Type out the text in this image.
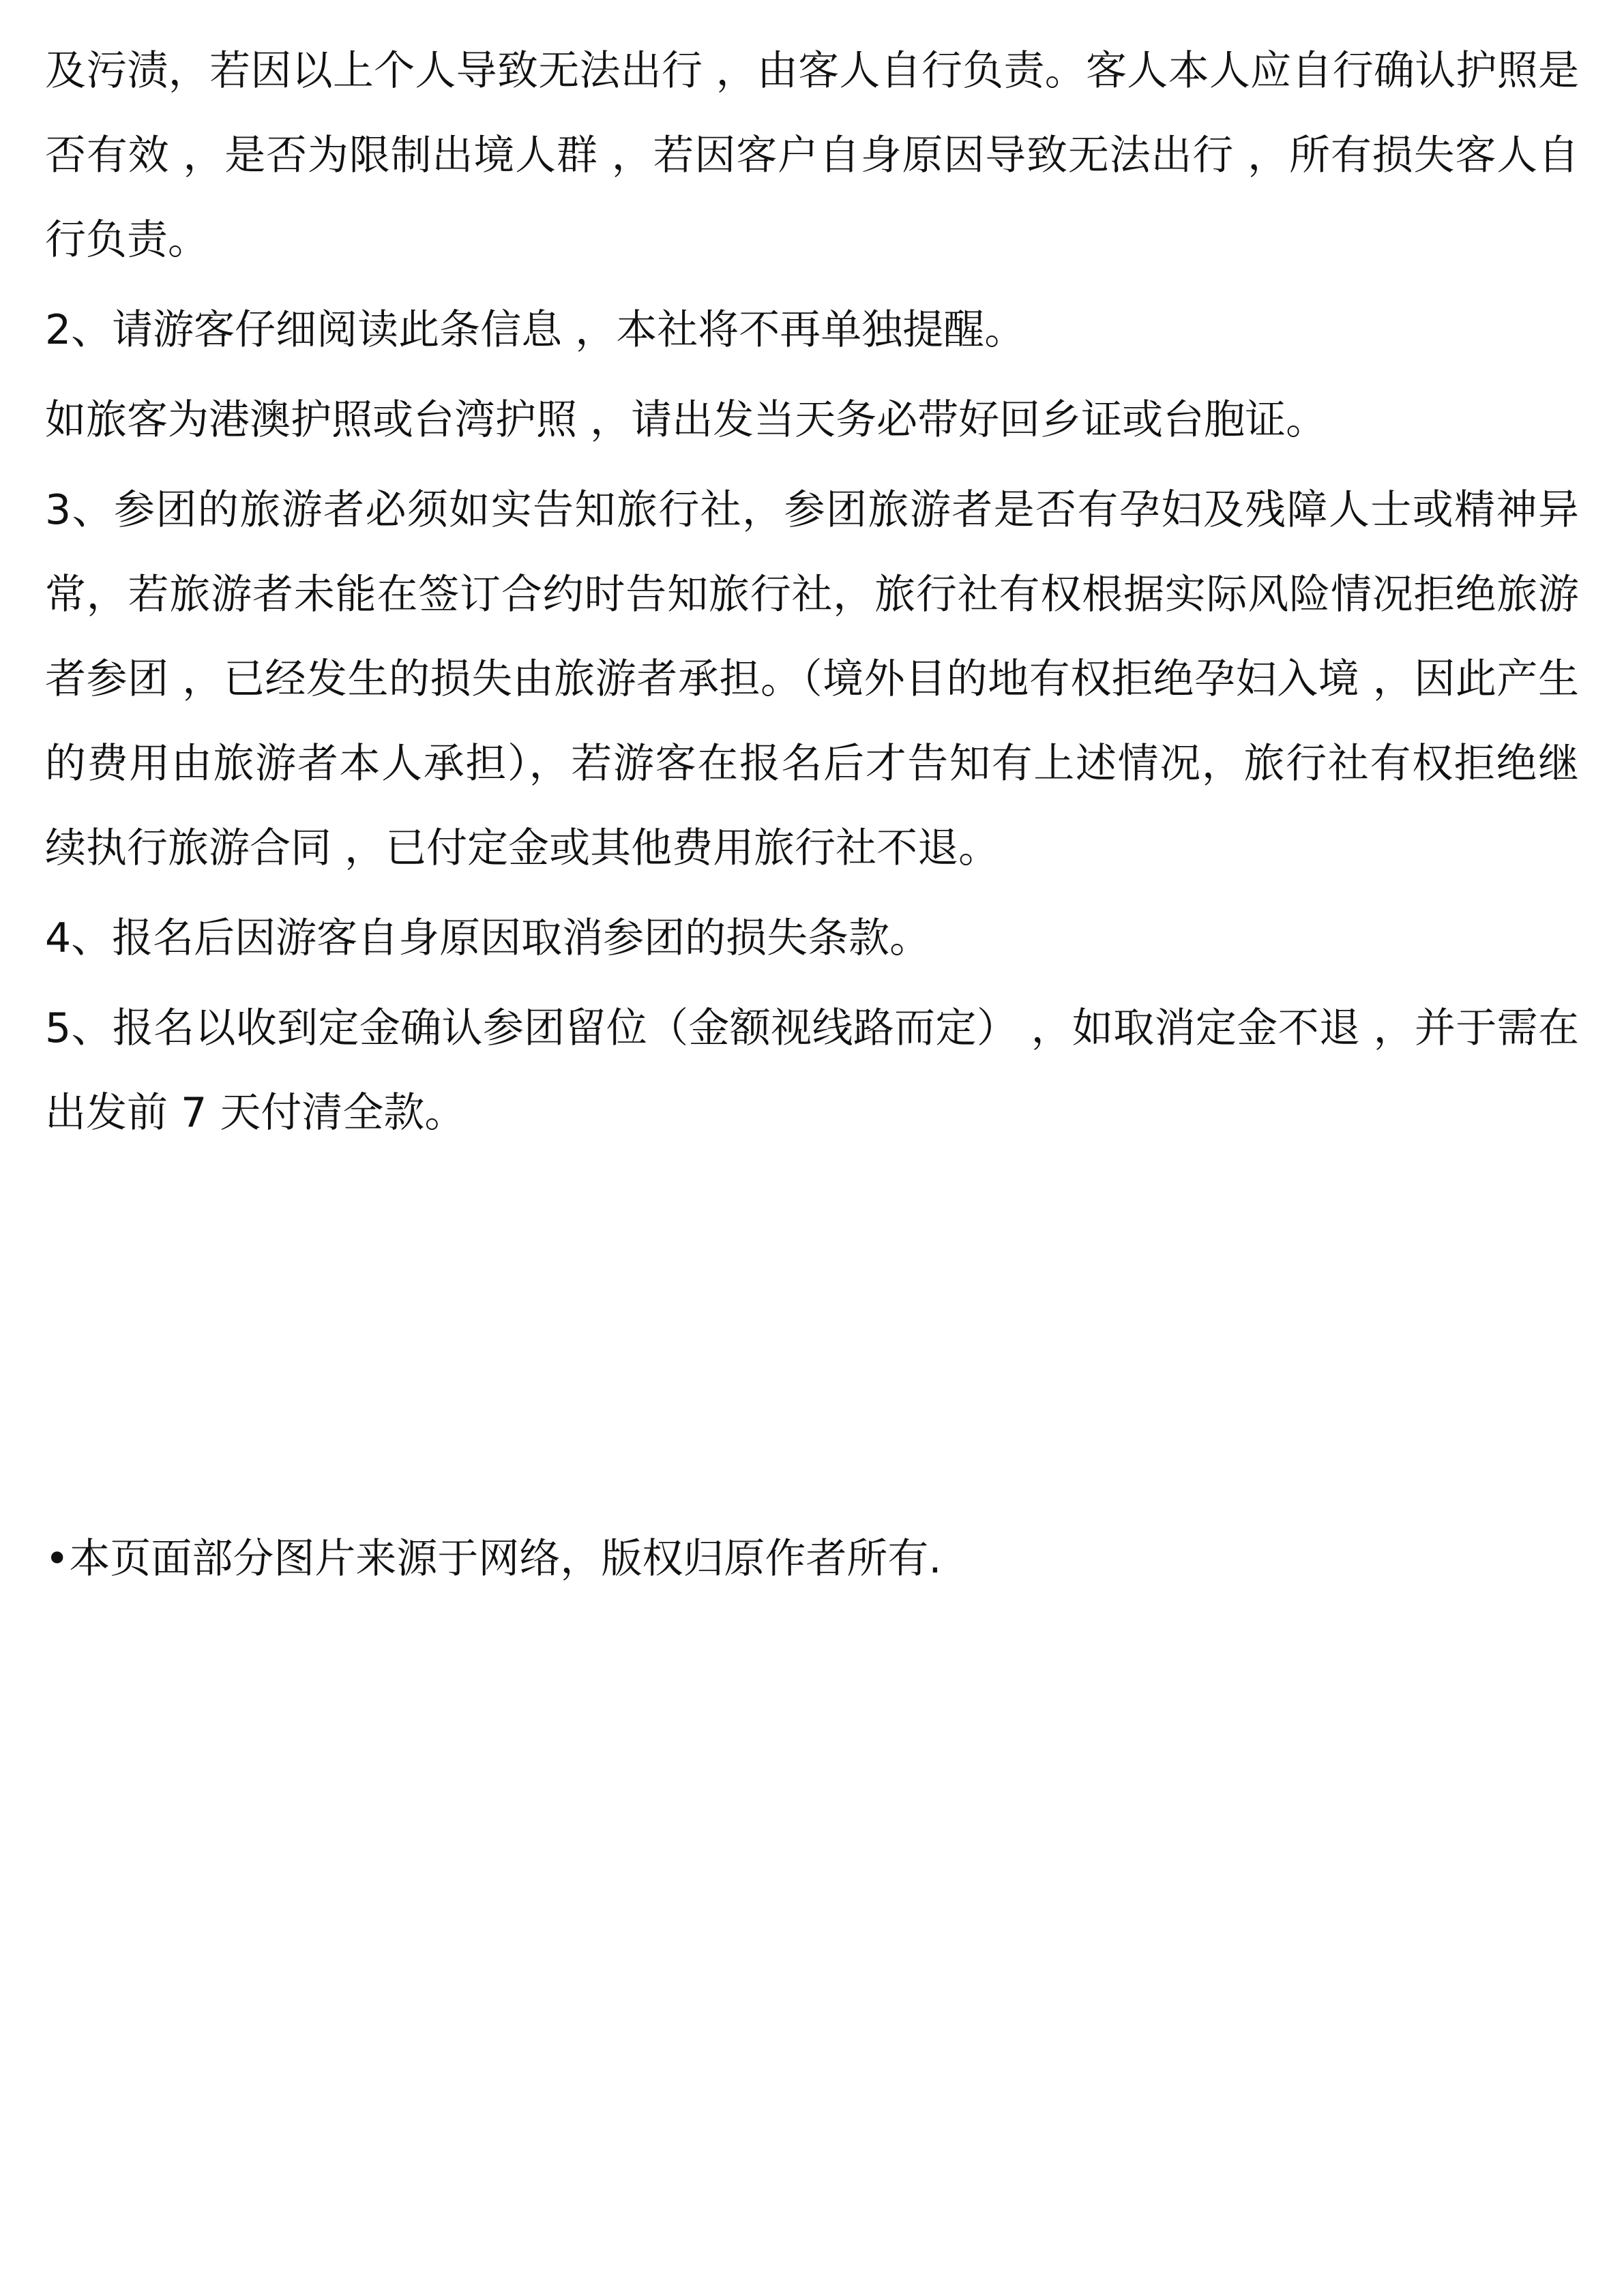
及污渍，若因以上个人导致无法出行 ，由客人自行负责。客人本人应自行确认护照是否有效 ，是否为限制出境人群 ，若因客户自身原因导致无法出行 ，所有损失客人自行负责。

2、请游客仔细阅读此条信息 ，本社将不再单独提醒。

如旅客为港澳护照或台湾护照 ，请出发当天务必带好回乡证或台胞证。

3、参团的旅游者必须如实告知旅行社，参团旅游者是否有孕妇及残障人士或精神异常，若旅游者未能在签订合约时告知旅行社，旅行社有权根据实际风险情况拒绝旅游者参团 ，已经发生的损失由旅游者承担。（境外目的地有权拒绝孕妇入境 ，因此产生的费用由旅游者本人承担），若游客在报名后才告知有上述情况，旅行社有权拒绝继续执行旅游合同 ，已付定金或其他费用旅行社不退。

4、报名后因游客自身原因取消参团的损失条款。

5、报名以收到定金确认参团留位（金额视线路而定） ，如取消定金不退 ，并于需在出发前 7 天付清全款。

•本页面部分图片来源于网络，版权归原作者所有.
